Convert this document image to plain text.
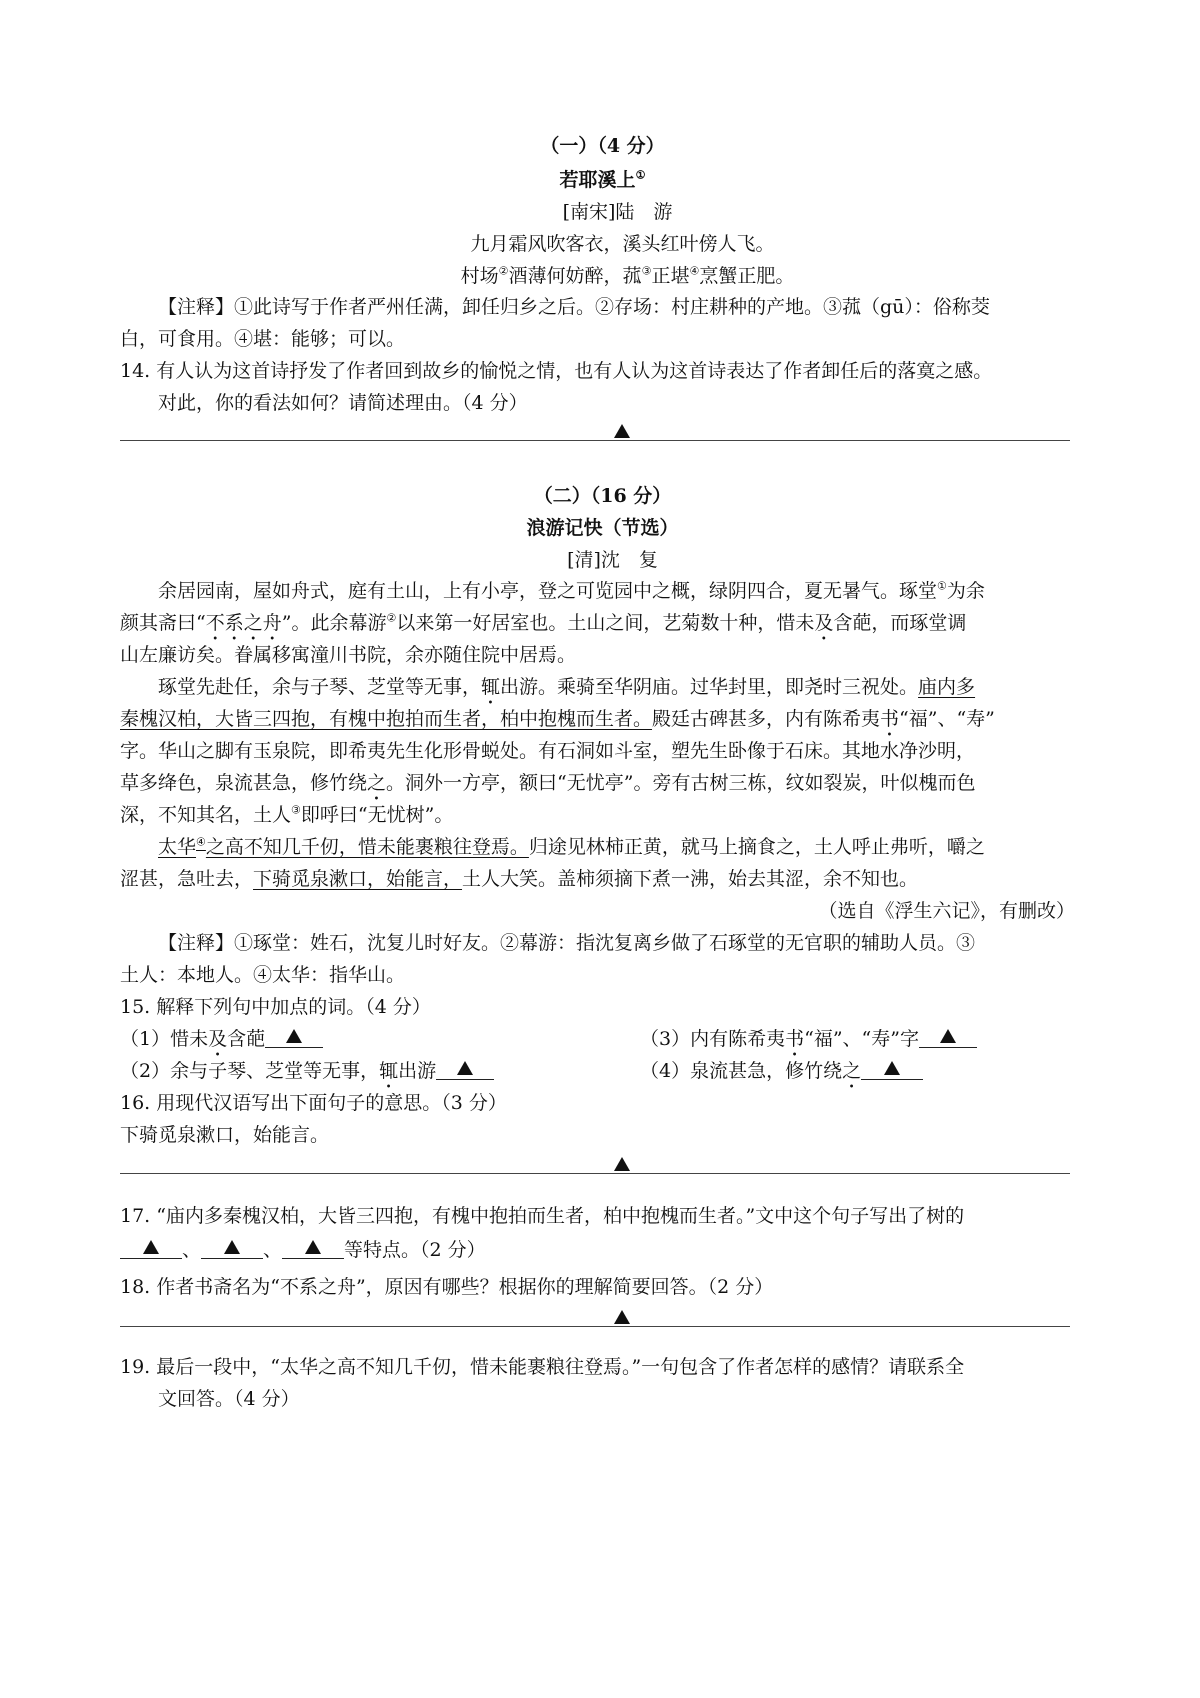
（一）（4 分）
若耶溪上①
[南宋]陆　游
九月霜风吹客衣，溪头红叶傍人飞。
村场②酒薄何妨醉，菰③正堪④烹蟹正肥。
【注释】①此诗写于作者严州任满，卸任归乡之后。②存场：村庄耕种的产地。③菰（gū）：俗称茭
白，可食用。④堪：能够；可以。
14. 有人认为这首诗抒发了作者回到故乡的愉悦之情，也有人认为这首诗表达了作者卸任后的落寞之感。
对此，你的看法如何？请简述理由。（4 分）
（二）（16 分）
浪游记快（节选）
[清]沈　复
余居园南，屋如舟式，庭有土山，上有小亭，登之可览园中之概，绿阴四合，夏无暑气。琢堂①为余
颜其斋曰“不系之舟”。此余幕游②以来第一好居室也。土山之间，艺菊数十种，惜未及含葩，而琢堂调
山左廉访矣。眷属移寓潼川书院，余亦随住院中居焉。
琢堂先赴任，余与子琴、芝堂等无事，辄出游。乘骑至华阴庙。过华封里，即尧时三祝处。庙内多
秦槐汉柏，大皆三四抱，有槐中抱拍而生者，柏中抱槐而生者。殿廷古碑甚多，内有陈希夷书“福”、“寿”
字。华山之脚有玉泉院，即希夷先生化形骨蜕处。有石洞如斗室，塑先生卧像于石床。其地水净沙明，
草多绛色，泉流甚急，修竹绕之。洞外一方亭，额曰“无忧亭”。旁有古树三栋，纹如裂炭，叶似槐而色
深，不知其名，土人③即呼曰“无忧树”。
太华④之高不知几千仞，惜未能裹粮往登焉。归途见林柿正黄，就马上摘食之，土人呼止弗听，嚼之
涩甚，急吐去，下骑觅泉漱口，始能言，土人大笑。盖柿须摘下煮一沸，始去其涩，余不知也。
（选自《浮生六记》，有删改）
【注释】①琢堂：姓石，沈复儿时好友。②幕游：指沈复离乡做了石琢堂的无官职的辅助人员。③
土人：本地人。④太华：指华山。
15. 解释下列句中加点的词。（4 分）
（1）惜未及含葩	（3）内有陈希夷书“福”、“寿”字
（2）余与子琴、芝堂等无事，辄出游	（4）泉流甚急，修竹绕之
16. 用现代汉语写出下面句子的意思。（3 分）
下骑觅泉漱口，始能言。
17. “庙内多秦槐汉柏，大皆三四抱，有槐中抱拍而生者，柏中抱槐而生者。”文中这个句子写出了树的
、	、	等特点。（2 分）
18. 作者书斋名为“不系之舟”，原因有哪些？根据你的理解简要回答。（2 分）
19. 最后一段中，“太华之高不知几千仞，惜未能裹粮往登焉。”一句包含了作者怎样的感情？请联系全
文回答。（4 分）
